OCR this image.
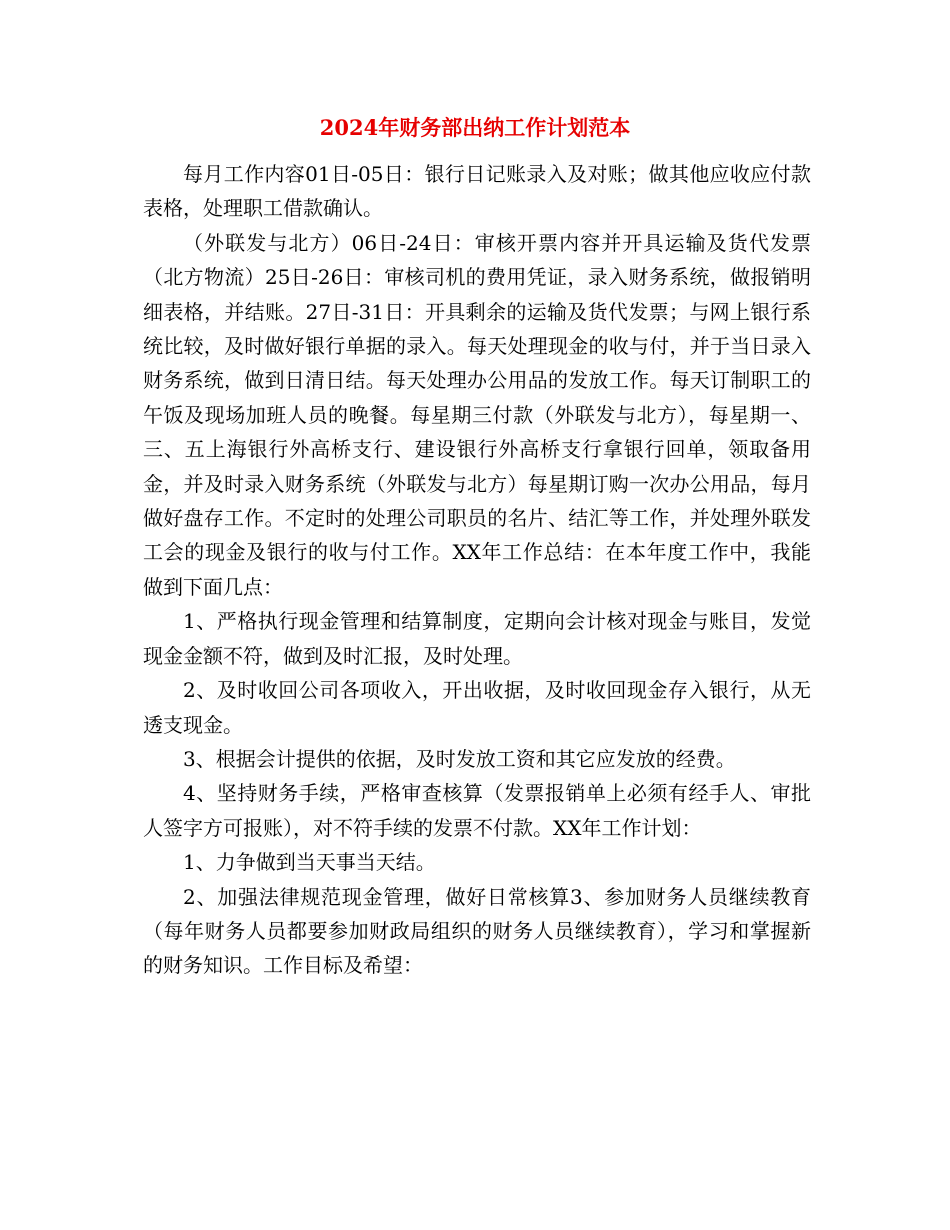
2024年财务部出纳工作计划范本

每月工作内容01日-05日：银行日记账录入及对账；做其他应收应付款表格，处理职工借款确认。

（外联发与北方）06日-24日：审核开票内容并开具运输及货代发票（北方物流）25日-26日：审核司机的费用凭证，录入财务系统，做报销明细表格，并结账。27日-31日：开具剩余的运输及货代发票；与网上银行系统比较，及时做好银行单据的录入。每天处理现金的收与付，并于当日录入财务系统，做到日清日结。每天处理办公用品的发放工作。每天订制职工的午饭及现场加班人员的晚餐。每星期三付款（外联发与北方），每星期一、三、五上海银行外高桥支行、建设银行外高桥支行拿银行回单，领取备用金，并及时录入财务系统（外联发与北方）每星期订购一次办公用品，每月做好盘存工作。不定时的处理公司职员的名片、结汇等工作，并处理外联发工会的现金及银行的收与付工作。XX年工作总结：在本年度工作中，我能做到下面几点：

1、严格执行现金管理和结算制度，定期向会计核对现金与账目，发觉现金金额不符，做到及时汇报，及时处理。

2、及时收回公司各项收入，开出收据，及时收回现金存入银行，从无透支现金。

3、根据会计提供的依据，及时发放工资和其它应发放的经费。

4、坚持财务手续，严格审查核算（发票报销单上必须有经手人、审批人签字方可报账），对不符手续的发票不付款。XX年工作计划：

1、力争做到当天事当天结。

2、加强法律规范现金管理，做好日常核算3、参加财务人员继续教育（每年财务人员都要参加财政局组织的财务人员继续教育），学习和掌握新的财务知识。工作目标及希望：
